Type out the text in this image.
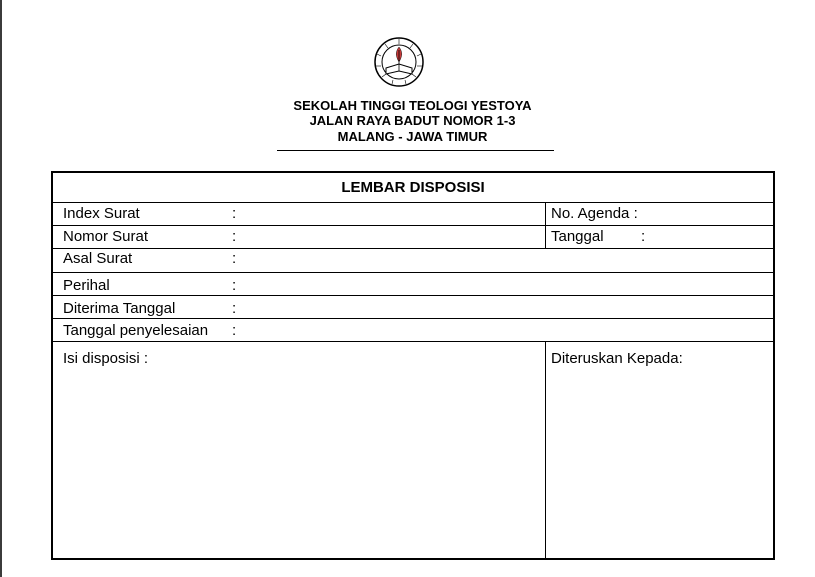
SEKOLAH TINGGI TEOLOGI YESTOYA
JALAN RAYA BADUT NOMOR 1-3
MALANG - JAWA TIMUR
LEMBAR DISPOSISI
Index Surat	:	No. Agenda :
Nomor Surat	:	Tanggal :
Asal Surat	:
Perihal	:
Diterima Tanggal	:
Tanggal penyelesaian :
Isi disposisi :	Diteruskan Kepada:
